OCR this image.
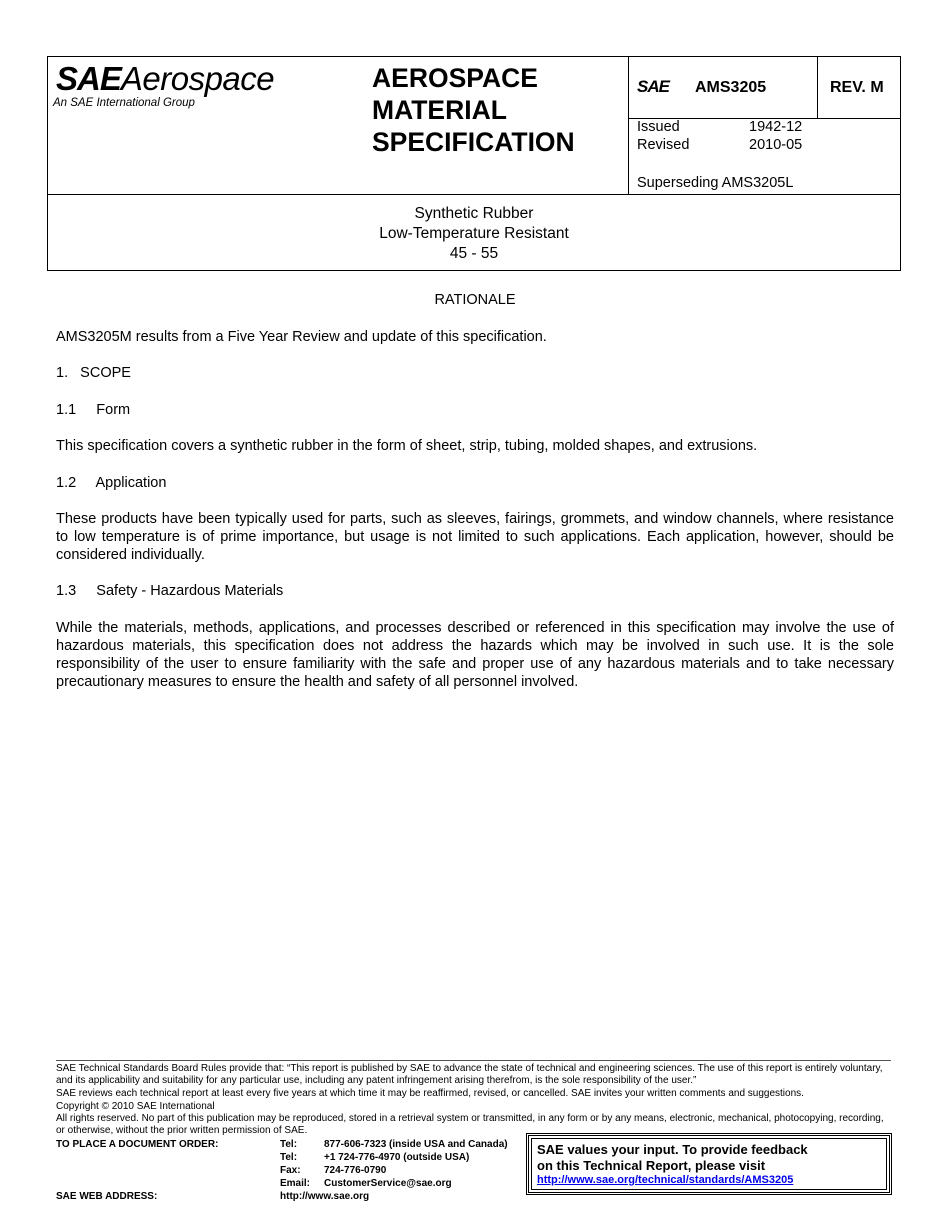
SAEAerospace
An SAE International Group
AEROSPACE
MATERIAL
SPECIFICATION
SAE AMS3205	REV. M
Issued	1942-12
Revised	2010-05
Superseding AMS3205L
Synthetic Rubber
Low-Temperature Resistant
45 - 55
RATIONALE
AMS3205M results from a Five Year Review and update of this specification.
1.   SCOPE
1.1     Form
This specification covers a synthetic rubber in the form of sheet, strip, tubing, molded shapes, and extrusions.
1.2     Application
These products have been typically used for parts, such as sleeves, fairings, grommets, and window channels, where resistance to low temperature is of prime importance, but usage is not limited to such applications. Each application, however, should be considered individually.
1.3     Safety - Hazardous Materials
While the materials, methods, applications, and processes described or referenced in this specification may involve the use of hazardous materials, this specification does not address the hazards which may be involved in such use. It is the sole responsibility of the user to ensure familiarity with the safe and proper use of any hazardous materials and to take necessary precautionary measures to ensure the health and safety of all personnel involved.
SAE Technical Standards Board Rules provide that: “This report is published by SAE to advance the state of technical and engineering sciences. The use of this report is entirely voluntary, and its applicability and suitability for any particular use, including any patent infringement arising therefrom, is the sole responsibility of the user.”
SAE reviews each technical report at least every five years at which time it may be reaffirmed, revised, or cancelled. SAE invites your written comments and suggestions.
Copyright © 2010 SAE International
All rights reserved. No part of this publication may be reproduced, stored in a retrieval system or transmitted, in any form or by any means, electronic, mechanical, photocopying, recording, or otherwise, without the prior written permission of SAE.
TO PLACE A DOCUMENT ORDER:	Tel:	877-606-7323 (inside USA and Canada)
Tel:	+1 724-776-4970 (outside USA)
Fax: 724-776-0790
Email: CustomerService@sae.org
SAE WEB ADDRESS:	http://www.sae.org
SAE values your input. To provide feedback
on this Technical Report, please visit
http://www.sae.org/technical/standards/AMS3205
